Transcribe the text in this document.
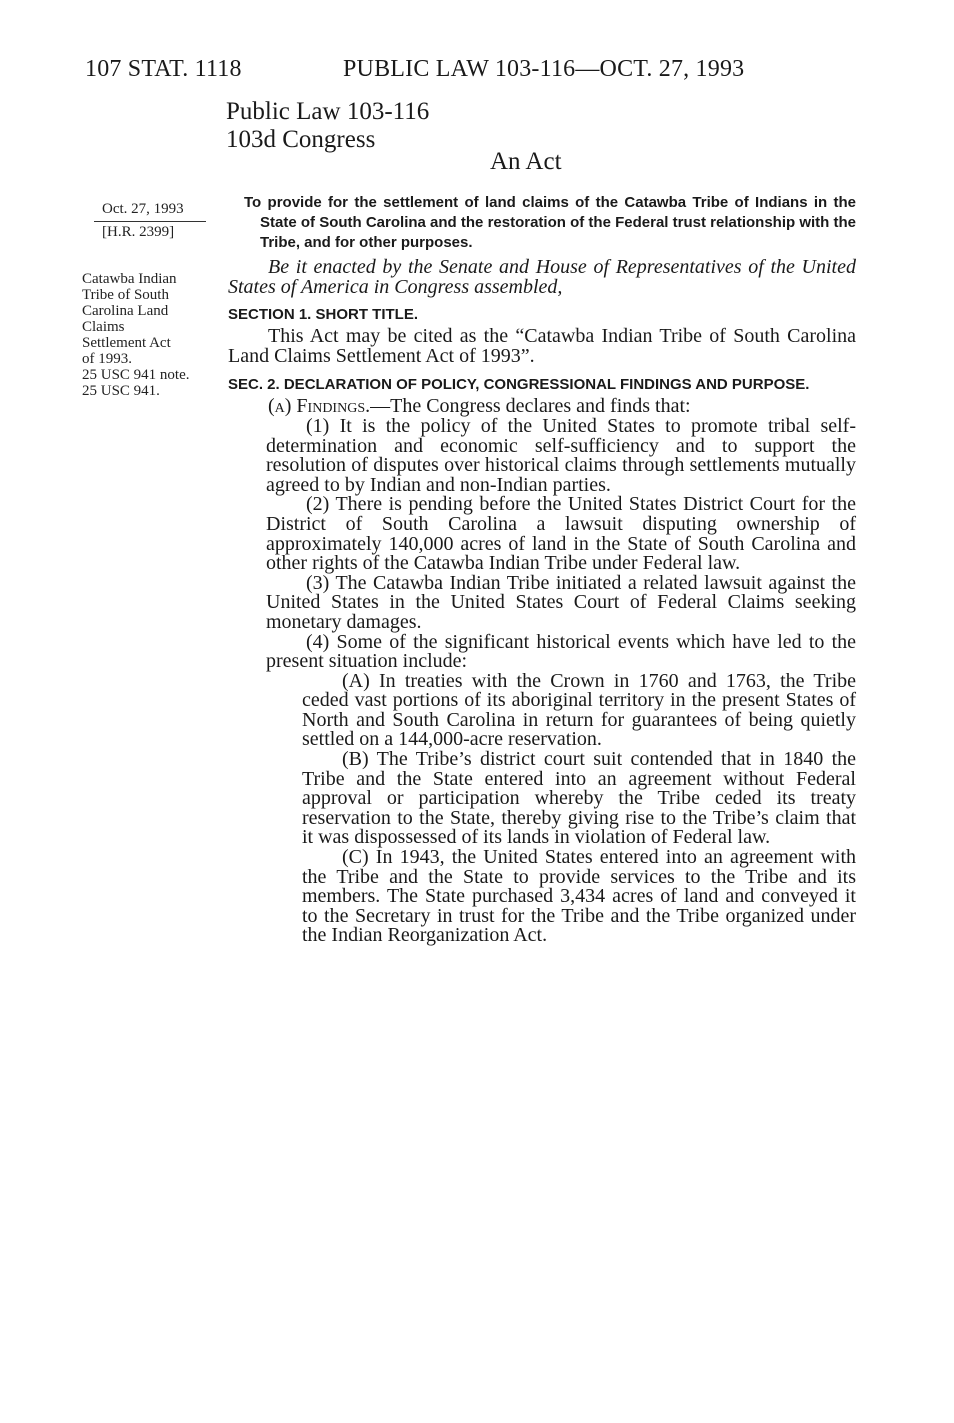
107 STAT. 1118	PUBLIC LAW 103-116—OCT. 27, 1993
Public Law 103-116
103d Congress
An Act
Oct. 27, 1993
[H.R. 2399]
Catawba Indian
Tribe of South
Carolina Land
Claims
Settlement Act
of 1993.
25 USC 941 note.
25 USC 941.
To provide for the settlement of land claims of the Catawba Tribe of Indians in the State of South Carolina and the restoration of the Federal trust relationship with the Tribe, and for other purposes.

Be it enacted by the Senate and House of Representatives of the United States of America in Congress assembled,

SECTION 1. SHORT TITLE.

This Act may be cited as the “Catawba Indian Tribe of South Carolina Land Claims Settlement Act of 1993”.

SEC. 2. DECLARATION OF POLICY, CONGRESSIONAL FINDINGS AND PURPOSE.

(a) Findings.—The Congress declares and finds that:

(1) It is the policy of the United States to promote tribal self-determination and economic self-sufficiency and to support the resolution of disputes over historical claims through settlements mutually agreed to by Indian and non-Indian parties.

(2) There is pending before the United States District Court for the District of South Carolina a lawsuit disputing ownership of approximately 140,000 acres of land in the State of South Carolina and other rights of the Catawba Indian Tribe under Federal law.

(3) The Catawba Indian Tribe initiated a related lawsuit against the United States in the United States Court of Federal Claims seeking monetary damages.

(4) Some of the significant historical events which have led to the present situation include:

(A) In treaties with the Crown in 1760 and 1763, the Tribe ceded vast portions of its aboriginal territory in the present States of North and South Carolina in return for guarantees of being quietly settled on a 144,000-acre reservation.

(B) The Tribe’s district court suit contended that in 1840 the Tribe and the State entered into an agreement without Federal approval or participation whereby the Tribe ceded its treaty reservation to the State, thereby giving rise to the Tribe’s claim that it was dispossessed of its lands in violation of Federal law.

(C) In 1943, the United States entered into an agreement with the Tribe and the State to provide services to the Tribe and its members. The State purchased 3,434 acres of land and conveyed it to the Secretary in trust for the Tribe and the Tribe organized under the Indian Reorganization Act.
